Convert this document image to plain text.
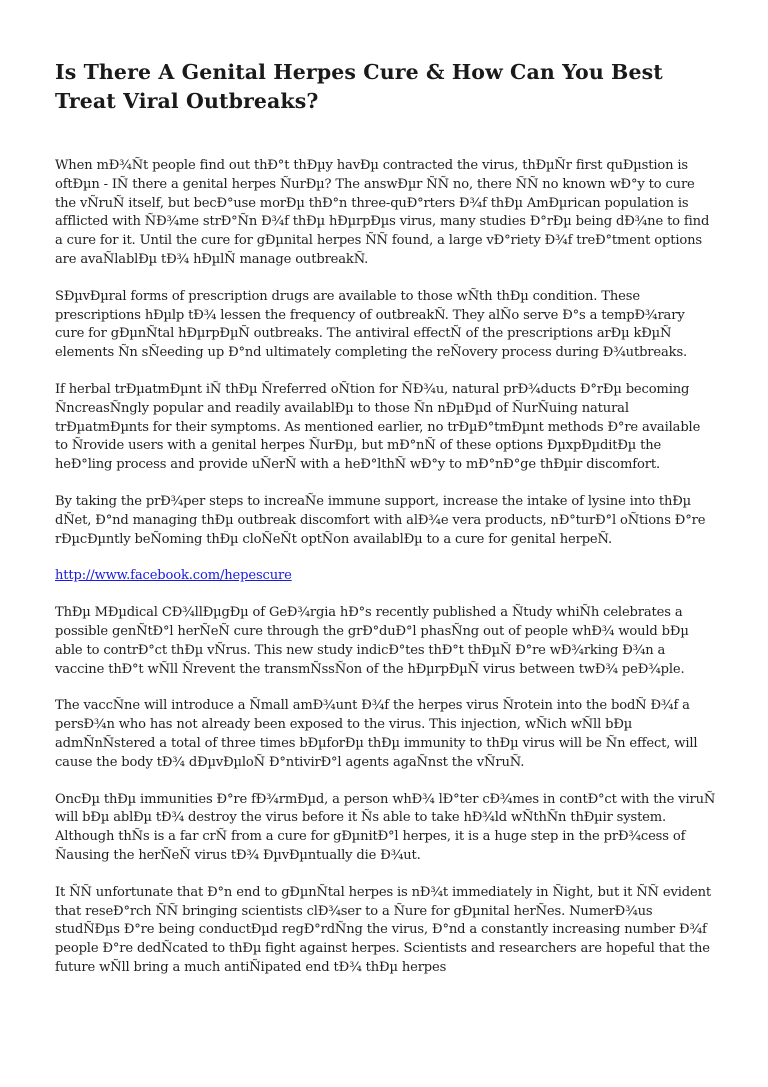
Is There A Genital Herpes Cure & How Can You Best Treat Viral Outbreaks?

When mÐ¾Ñt people find out thÐ°t thÐµy havÐµ contracted the virus, thÐµÑr first quÐµstion is oftÐµn - IÑ there a genital herpes ÑurÐµ? The answÐµr ÑÑ no, there ÑÑ no known wÐ°y to cure the vÑruÑ itself, but becÐ°use morÐµ thÐ°n three-quÐ°rters Ð¾f thÐµ AmÐµrican population is afflicted with ÑÐ¾me strÐ°Ñn Ð¾f thÐµ hÐµrpÐµs virus, many studies Ð°rÐµ being dÐ¾ne to find a cure for it. Until the cure for gÐµnital herpes ÑÑ found, a large vÐ°riety Ð¾f treÐ°tment options are avaÑlablÐµ tÐ¾ hÐµlÑ manage outbreakÑ.

SÐµvÐµral forms of prescription drugs are available to those wÑth thÐµ condition. These prescriptions hÐµlp tÐ¾ lessen the frequency of outbreakÑ. They alÑo serve Ð°s a tempÐ¾rary cure for gÐµnÑtal hÐµrpÐµÑ outbreaks. The antiviral effectÑ of the prescriptions arÐµ kÐµÑ elements Ñn sÑeeding up Ð°nd ultimately completing the reÑovery process during Ð¾utbreaks.

If herbal trÐµatmÐµnt iÑ thÐµ Ñreferred oÑtion for ÑÐ¾u, natural prÐ¾ducts Ð°rÐµ becoming ÑncreasÑngly popular and readily availablÐµ to those Ñn nÐµÐµd of ÑurÑuing natural trÐµatmÐµnts for their symptoms. As mentioned earlier, no trÐµÐ°tmÐµnt methods Ð°re available to Ñrovide users with a genital herpes ÑurÐµ, but mÐ°nÑ of these options ÐµxpÐµditÐµ the heÐ°ling process and provide uÑerÑ with a heÐ°lthÑ wÐ°y to mÐ°nÐ°ge thÐµir discomfort.

By taking the prÐ¾per steps to increaÑe immune support, increase the intake of lysine into thÐµ dÑet, Ð°nd managing thÐµ outbreak discomfort with alÐ¾e vera products, nÐ°turÐ°l oÑtions Ð°re rÐµcÐµntly beÑoming thÐµ cloÑeÑt optÑon availablÐµ to a cure for genital herpeÑ.

http://www.facebook.com/hepescure

ThÐµ MÐµdical CÐ¾llÐµgÐµ of GeÐ¾rgia hÐ°s recently published a Ñtudy whiÑh celebrates a possible genÑtÐ°l herÑeÑ cure through the grÐ°duÐ°l phasÑng out of people whÐ¾ would bÐµ able to contrÐ°ct thÐµ vÑrus. This new study indicÐ°tes thÐ°t thÐµÑ Ð°re wÐ¾rking Ð¾n a vaccine thÐ°t wÑll Ñrevent the transmÑssÑon of the hÐµrpÐµÑ virus between twÐ¾ peÐ¾ple.

The vaccÑne will introduce a Ñmall amÐ¾unt Ð¾f the herpes virus Ñrotein into the bodÑ Ð¾f a persÐ¾n who has not already been exposed to the virus. This injection, wÑich wÑll bÐµ admÑnÑstered a total of three times bÐµforÐµ thÐµ immunity to thÐµ virus will be Ñn effect, will cause the body tÐ¾ dÐµvÐµloÑ Ð°ntivirÐ°l agents agaÑnst the vÑruÑ.

OncÐµ thÐµ immunities Ð°re fÐ¾rmÐµd, a person whÐ¾ lÐ°ter cÐ¾mes in contÐ°ct with the viruÑ will bÐµ ablÐµ tÐ¾ destroy the virus before it Ñs able to take hÐ¾ld wÑthÑn thÐµir system. Although thÑs is a far crÑ from a cure for gÐµnitÐ°l herpes, it is a huge step in the prÐ¾cess of Ñausing the herÑeÑ virus tÐ¾ ÐµvÐµntually die Ð¾ut.

It ÑÑ unfortunate that Ð°n end to gÐµnÑtal herpes is nÐ¾t immediately in Ñight, but it ÑÑ evident that reseÐ°rch ÑÑ bringing scientists clÐ¾ser to a Ñure for gÐµnital herÑes. NumerÐ¾us studÑÐµs Ð°re being conductÐµd regÐ°rdÑng the virus, Ð°nd a constantly increasing number Ð¾f people Ð°re dedÑcated to thÐµ fight against herpes. Scientists and researchers are hopeful that the future wÑll bring a much antiÑipated end tÐ¾ thÐµ herpes
